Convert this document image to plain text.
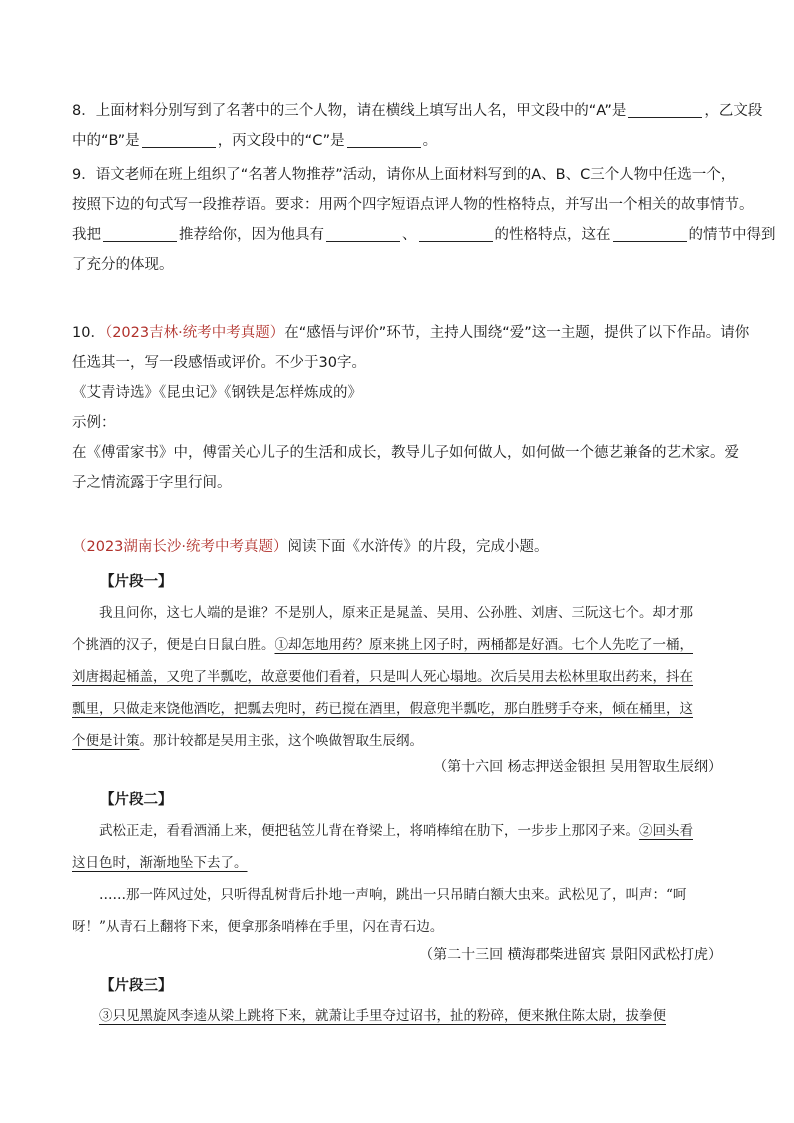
8．上面材料分别写到了名著中的三个人物，请在横线上填写出人名，甲文段中的“A”是	，乙文段
中的“B”是	，丙文段中的“C”是	。
9．语文老师在班上组织了“名著人物推荐”活动，请你从上面材料写到的A、B、C三个人物中任选一个，
按照下边的句式写一段推荐语。要求：用两个四字短语点评人物的性格特点，并写出一个相关的故事情节。
我把	推荐给你，因为他具有	、	的性格特点，这在	的情节中得到
了充分的体现。
10．（2023吉林·统考中考真题）在“感悟与评价”环节，主持人围绕“爱”这一主题，提供了以下作品。请你
任选其一，写一段感悟或评价。不少于30字。
《艾青诗选》《昆虫记》《钢铁是怎样炼成的》
示例：
在《傅雷家书》中，傅雷关心儿子的生活和成长，教导儿子如何做人，如何做一个德艺兼备的艺术家。爱
子之情流露于字里行间。
（2023湖南长沙·统考中考真题）阅读下面《水浒传》的片段，完成小题。
【片段一】
我且问你，这七人端的是谁？不是别人，原来正是晁盖、吴用、公孙胜、刘唐、三阮这七个。却才那
个挑酒的汉子，便是白日鼠白胜。①却怎地用药？原来挑上冈子时，两桶都是好酒。七个人先吃了一桶，
刘唐揭起桶盖，又兜了半瓢吃，故意要他们看着，只是叫人死心塌地。次后吴用去松林里取出药来，抖在
瓢里，只做走来饶他酒吃，把瓢去兜时，药已搅在酒里，假意兜半瓢吃，那白胜劈手夺来，倾在桶里，这
个便是计策。那计较都是吴用主张，这个唤做智取生辰纲。
（第十六回 杨志押送金银担 吴用智取生辰纲）
【片段二】
武松正走，看看酒涌上来，便把毡笠儿背在脊梁上，将哨棒绾在肋下，一步步上那冈子来。②回头看
这日色时，渐渐地坠下去了。
……那一阵风过处，只听得乱树背后扑地一声响，跳出一只吊睛白额大虫来。武松见了，叫声：“呵
呀！”从青石上翻将下来，便拿那条哨棒在手里，闪在青石边。
（第二十三回 横海郡柴进留宾 景阳冈武松打虎）
【片段三】
③只见黑旋风李逵从梁上跳将下来，就萧让手里夺过诏书，扯的粉碎，便来揪住陈太尉，拔拳便
